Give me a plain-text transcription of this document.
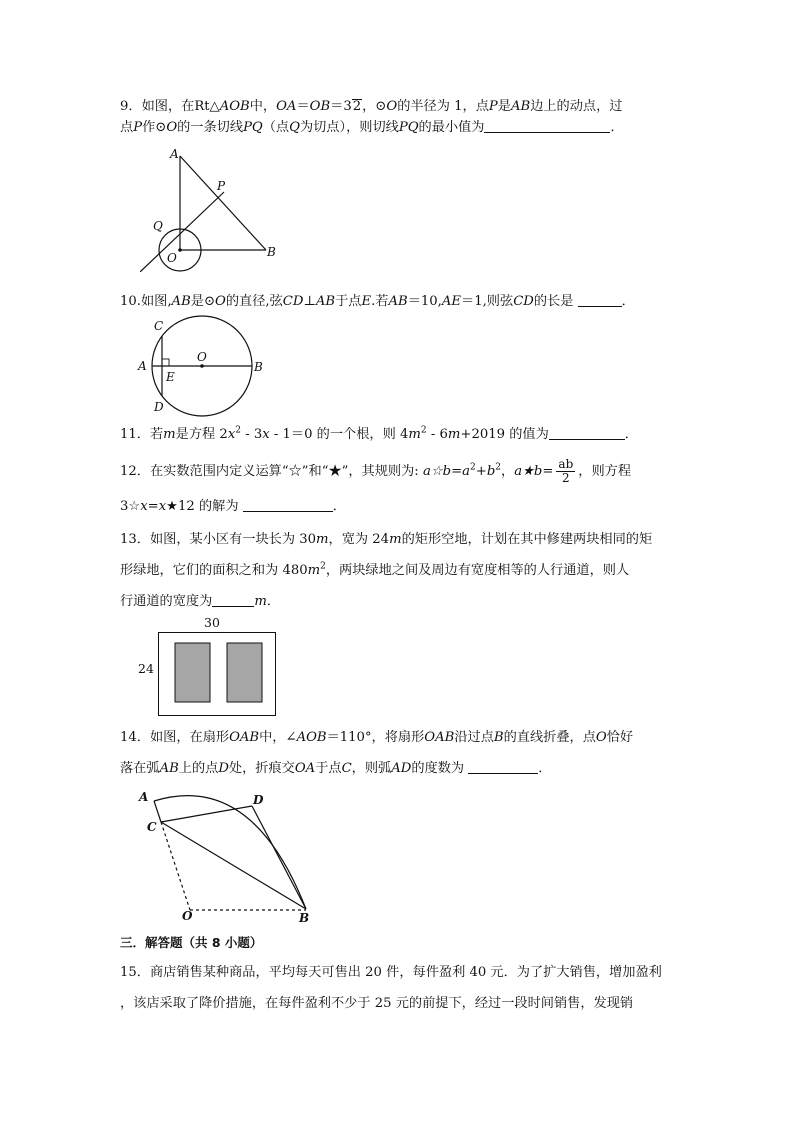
9．如图，在Rt△AOB中，OA＝OB＝32，⊙O的半径为 1，点P是AB边上的动点，过
点P作⊙O的一条切线PQ（点Q为切点），则切线PQ的最小值为	．
A
P
Q
O	B
10.如图,AB是⊙O的直径,弦CD⊥AB于点E.若AB＝10,AE＝1,则弦CD的长是	．
C
O
A
E
B
D
11．若m是方程 $2x^2 - 3x - 1=0$ 的一个根，则 $4m^2 - 6m+2019$ 的值为	．
12．在实数范围内定义运算“☆”和“★”，其规则为: $a☆b=a^2+b^2$，a★b= $\frac{ab}{2}$ ，则方程
3☆x=x★12 的解为	．
13．如图，某小区有一块长为 30m，宽为 24m的矩形空地，计划在其中修建两块相同的矩
形绿地，它们的面积之和为 $480m^2$，两块绿地之间及周边有宽度相等的人行通道，则人
行通道的宽度为	m．
30
24
14．如图，在扇形OAB中，∠AOB＝110°，将扇形OAB沿过点B的直线折叠，点O恰好
落在弧AB上的点D处，折痕交OA于点C，则弧AD的度数为	．
A	D
C
O	B
三．解答题（共 8 小题）
15．商店销售某种商品，平均每天可售出 20 件，每件盈利 40 元．为了扩大销售，增加盈利
，该店采取了降价措施，在每件盈利不少于 25 元的前提下，经过一段时间销售，发现销
